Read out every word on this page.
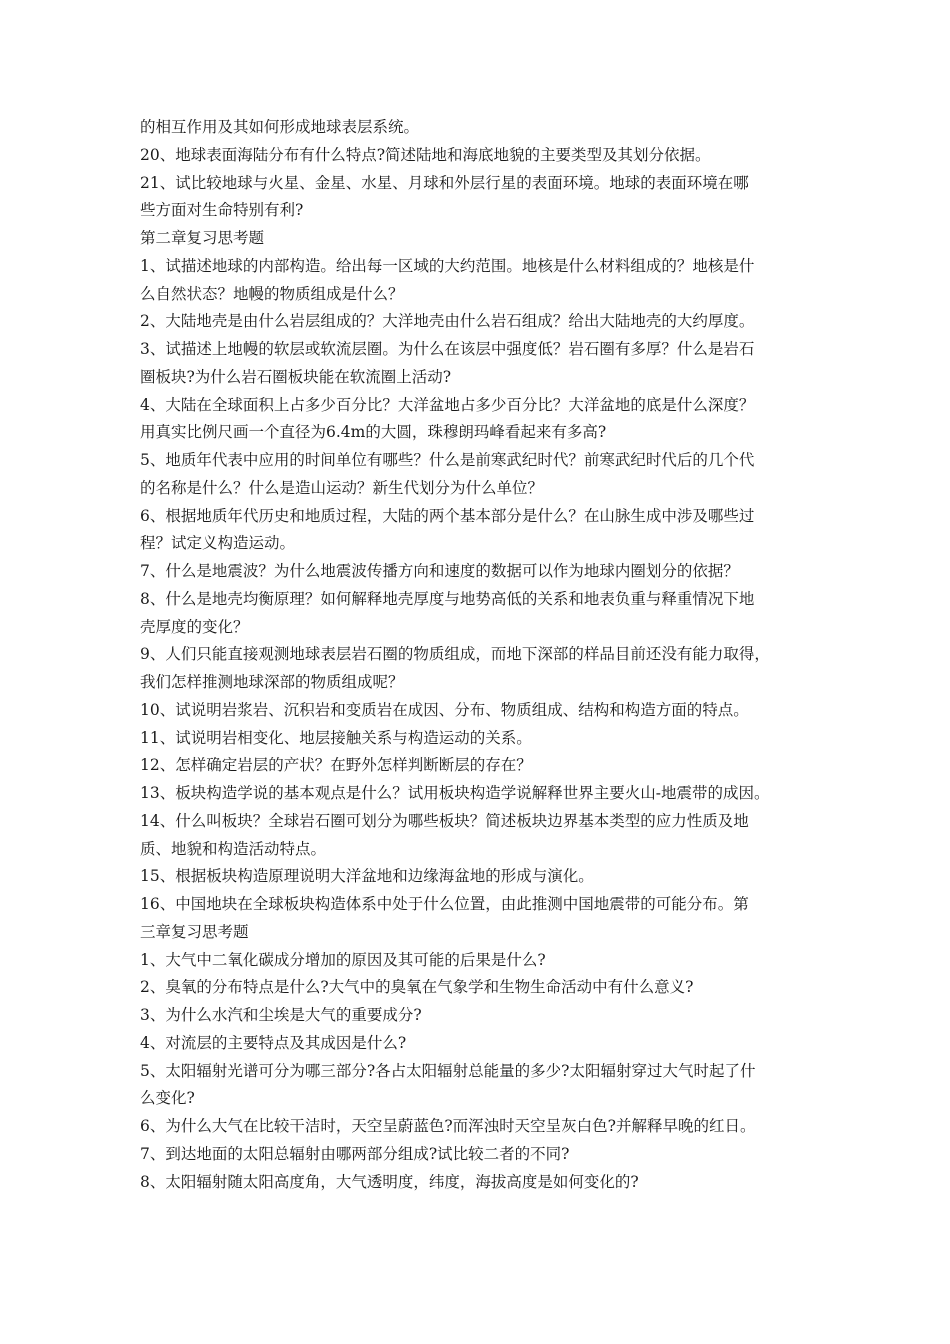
的相互作用及其如何形成地球表层系统。
20、地球表面海陆分布有什么特点?简述陆地和海底地貌的主要类型及其划分依据。
21、试比较地球与火星、金星、水星、月球和外层行星的表面环境。地球的表面环境在哪
些方面对生命特别有利?
第二章复习思考题
1、试描述地球的内部构造。给出每一区域的大约范围。地核是什么材料组成的？地核是什
么自然状态？地幔的物质组成是什么？
2、大陆地壳是由什么岩层组成的？大洋地壳由什么岩石组成？给出大陆地壳的大约厚度。
3、试描述上地幔的软层或软流层圈。为什么在该层中强度低？岩石圈有多厚？什么是岩石
圈板块?为什么岩石圈板块能在软流圈上活动?
4、大陆在全球面积上占多少百分比？大洋盆地占多少百分比？大洋盆地的底是什么深度？
用真实比例尺画一个直径为6.4m的大圆，珠穆朗玛峰看起来有多高?
5、地质年代表中应用的时间单位有哪些？什么是前寒武纪时代？前寒武纪时代后的几个代
的名称是什么？什么是造山运动？新生代划分为什么单位？
6、根据地质年代历史和地质过程，大陆的两个基本部分是什么？在山脉生成中涉及哪些过
程？试定义构造运动。
7、什么是地震波？为什么地震波传播方向和速度的数据可以作为地球内圈划分的依据？
8、什么是地壳均衡原理？如何解释地壳厚度与地势高低的关系和地表负重与释重情况下地
壳厚度的变化？
9、人们只能直接观测地球表层岩石圈的物质组成，而地下深部的样品目前还没有能力取得，
我们怎样推测地球深部的物质组成呢？
10、试说明岩浆岩、沉积岩和变质岩在成因、分布、物质组成、结构和构造方面的特点。
11、试说明岩相变化、地层接触关系与构造运动的关系。
12、怎样确定岩层的产状？在野外怎样判断断层的存在？
13、板块构造学说的基本观点是什么？试用板块构造学说解释世界主要火山-地震带的成因。
14、什么叫板块？全球岩石圈可划分为哪些板块？简述板块边界基本类型的应力性质及地
质、地貌和构造活动特点。
15、根据板块构造原理说明大洋盆地和边缘海盆地的形成与演化。
16、中国地块在全球板块构造体系中处于什么位置，由此推测中国地震带的可能分布。第
三章复习思考题
1、大气中二氧化碳成分增加的原因及其可能的后果是什么?
2、臭氧的分布特点是什么?大气中的臭氧在气象学和生物生命活动中有什么意义?
3、为什么水汽和尘埃是大气的重要成分?
4、对流层的主要特点及其成因是什么?
5、太阳辐射光谱可分为哪三部分?各占太阳辐射总能量的多少?太阳辐射穿过大气时起了什
么变化?
6、为什么大气在比较干洁时，天空呈蔚蓝色?而浑浊时天空呈灰白色?并解释早晚的红日。
7、到达地面的太阳总辐射由哪两部分组成?试比较二者的不同?
8、太阳辐射随太阳高度角，大气透明度，纬度，海拔高度是如何变化的?
